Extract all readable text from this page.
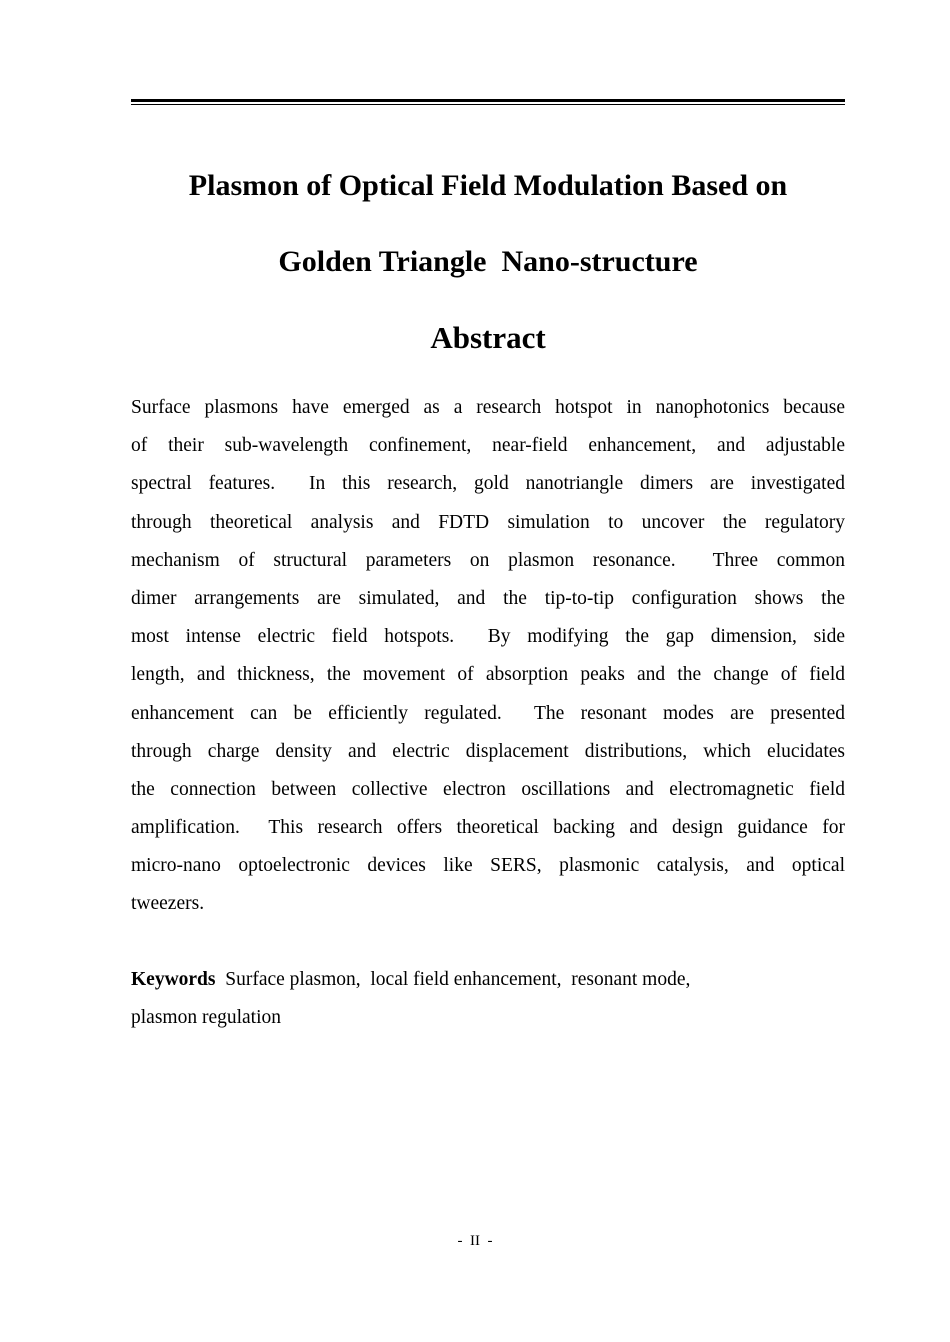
Plasmon of Optical Field Modulation Based on
Golden Triangle  Nano-structure
Abstract
Surface plasmons have emerged as a research hotspot in nanophotonics because
of their sub-wavelength confinement, near-field enhancement, and adjustable
spectral features.  In this research, gold nanotriangle dimers are investigated
through theoretical analysis and FDTD simulation to uncover the regulatory
mechanism of structural parameters on plasmon resonance.  Three common
dimer arrangements are simulated, and the tip-to-tip configuration shows the
most intense electric field hotspots.  By modifying the gap dimension, side
length, and thickness, the movement of absorption peaks and the change of field
enhancement can be efficiently regulated.  The resonant modes are presented
through charge density and electric displacement distributions, which elucidates
the connection between collective electron oscillations and electromagnetic field
amplification.  This research offers theoretical backing and design guidance for
micro-nano optoelectronic devices like SERS, plasmonic catalysis, and optical
tweezers.
Keywords  Surface plasmon,  local field enhancement,  resonant mode,
plasmon regulation
-  II  -
